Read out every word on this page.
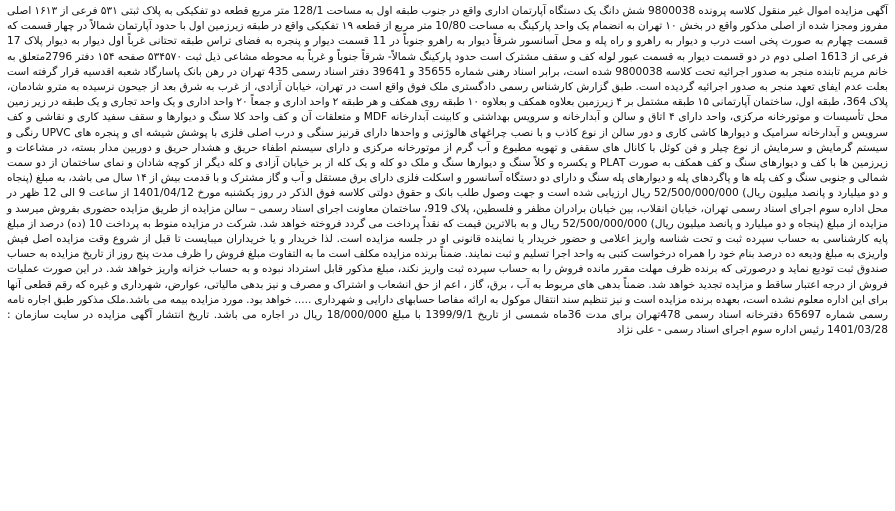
آگهی مزایده اموال غیر منقول کلاسه پرونده 9800038 شش دانگ یک دستگاه آپارتمان اداری واقع در جنوب طبقه اول به مساحت 128/1 متر مربع قطعه دو تفکیکی به پلاک ثبتی ۵۳۱ فرعی از ۱۶۱۳ اصلی مفروز ومجزا شده از اصلی مذکور واقع در بخش ۱۰ تهران به انضمام یک واحد پارکینگ به مساحت 10/80 متر مربع از قطعه ۱۹ تفکیکی واقع در طبقه زیرزمین اول با حدود آپارتمان شمالاً در چهار قسمت که قسمت چهارم به صورت پخی است درب و دیوار به راهرو و راه پله و محل آسانسور شرقاً دیوار به راهرو جنوباً در 11 قسمت دیوار و پنجره به فضای تراس طبقه تحتانی غرباً اول دیوار به دیوار پلاک 17 فرعی از 1613 اصلی دوم در دو قسمت دیوار به قسمت عبور لوله کف و سقف مشترک است حدود پارکینگ شمالاً- شرقاً جنوباً و غرباً به محوطه مشاعی ذیل ثبت ۵۳۴۵۷۰ صفحه ۱۵۴ دفتر 2796متعلق به خانم مریم تابنده منجر به صدور اجرائیه تحت کلاسه 9800038 شده است، برابر اسناد رهنی شماره 35655 و 39641 دفتر اسناد رسمی 435 تهران در رهن بانک پاسارگاد شعبه اقدسیه قرار گرفته است بعلت عدم ایفای تعهد منجر به صدور اجرائیه گردیده است. طبق گزارش کارشناس رسمی دادگستری ملک فوق واقع است در تهران، خیابان آزادی، از غرب به شرق بعد از جیحون نرسیده به مترو شادمان، پلاک 364، طبقه اول، ساختمان آپارتمانی ۱۵ طبقه مشتمل بر ۴ زیرزمین بعلاوه همکف و بعلاوه ۱۰ طبقه روی همکف و هر طبقه ۲ واحد اداری و جمعاً ۲۰ واحد اداری و یک واحد تجاری و یک طبقه در زیر زمین محل تأسیسات و موتورخانه مرکزی، واحد دارای ۴ اتاق و سالن و آبدارخانه و سرویس بهداشتی و کابینت آبدارخانه MDF و متعلقات آن و کف واحد کلا سنگ و دیوارها و سقف سفید کاری و نقاشی و کف سرویس و آبدارخانه سرامیک و دیوارها کاشی کاری و دور سالن از نوع کاذب و با نصب چراغهای هالوژنی و واحدها دارای قرنیز سنگی و درب اصلی فلزی با پوشش شیشه ای و پنجره های UPVC رنگی و سیستم گرمایش و سرمایش از نوع چیلر و فن کوئل با کانال های سقفی و تهویه مطبوع و آب گرم از موتورخانه مرکزی و دارای سیستم اطفاء حریق و هشدار حریق و دوربین مدار بسته، در مشاعات و زیرزمین ها با کف و دیوارهای سنگ و کف همکف به صورت PLAT و یکسره و کلاً سنگ و دیوارها سنگ و ملک دو کله و یک کله از بر خیابان آزادی و کله دیگر از کوچه شادان و نمای ساختمان از دو سمت شمالی و جنوبی سنگ و کف پله ها و پاگردهای پله و دیوارهای پله سنگ و دارای دو دستگاه آسانسور و اسکلت فلزی دارای برق مستقل و آب و گاز مشترک و با قدمت بیش از ۱۴ سال می باشد، به مبلغ (پنجاه و دو میلیارد و پانصد میلیون ریال) 52/500/000/000 ریال ارزیابی شده است و جهت وصول طلب بانک و حقوق دولتی کلاسه فوق الذکر در روز یکشنبه مورخ 1401/04/12 از ساعت 9 الی 12 ظهر در محل اداره سوم اجرای اسناد رسمی تهران، خیابان انقلاب، بین خیابان برادران مظفر و فلسطین، پلاک 919، ساختمان معاونت اجرای اسناد رسمی – سالن مزایده از طریق مزایده حضوری بفروش میرسد و مزایده از مبلغ (پنجاه و دو میلیارد و پانصد میلیون ریال) 52/500/000/000 ریال و به بالاترین قیمت که نقداً پرداخت می گردد فروخته خواهد شد. شرکت در مزایده منوط به پرداخت 10 (ده) درصد از مبلغ پایه کارشناسی به حساب سپرده ثبت و تحت شناسه واریز اعلامی و حضور خریدار یا نماینده قانونی او در جلسه مزایده است. لذا خریدار و یا خریداران میبایست تا قبل از شروع وقت مزایده اصل فیش واریزی به مبلغ ودیعه ده درصد بنام خود را همراه درخواست کتبی به واحد اجرا تسلیم و ثبت نمایند. ضمناً برنده مزایده مکلف است ما به التفاوت مبلغ فروش را ظرف مدت پنج روز از تاریخ مزایده به حساب صندوق ثبت تودیع نماید و درصورتی که برنده ظرف مهلت مقرر مانده فروش را به حساب سپرده ثبت واریز نکند، مبلغ مذکور قابل استرداد نبوده و به حساب خزانه واریز خواهد شد. در این صورت عملیات فروش از درجه اعتبار ساقط و مزایده تجدید خواهد شد. ضمناً بدهی های مربوط به آب ، برق، گاز ، اعم از حق انشعاب و اشتراک و مصرف و نیز بدهی مالیاتی، عوارض، شهرداری و غیره که رقم قطعی آنها برای این اداره معلوم نشده است، بعهده برنده مزایده است و نیز تنظیم سند انتقال موکول به ارائه مفاصا حسابهای دارایی و شهرداری ..... خواهد بود. مورد مزایده بیمه می باشد.ملک مذکور طبق اجاره نامه رسمی شماره 65697 دفترخانه اسناد رسمی 478تهران برای مدت 36ماه شمسی از تاریخ 1399/9/1 با مبلغ 18/000/000 ریال در اجاره می باشد. تاریخ انتشار آگهی مزایده در سایت سازمان : 1401/03/28 رئیس اداره سوم اجرای اسناد رسمی - علی نژاد
